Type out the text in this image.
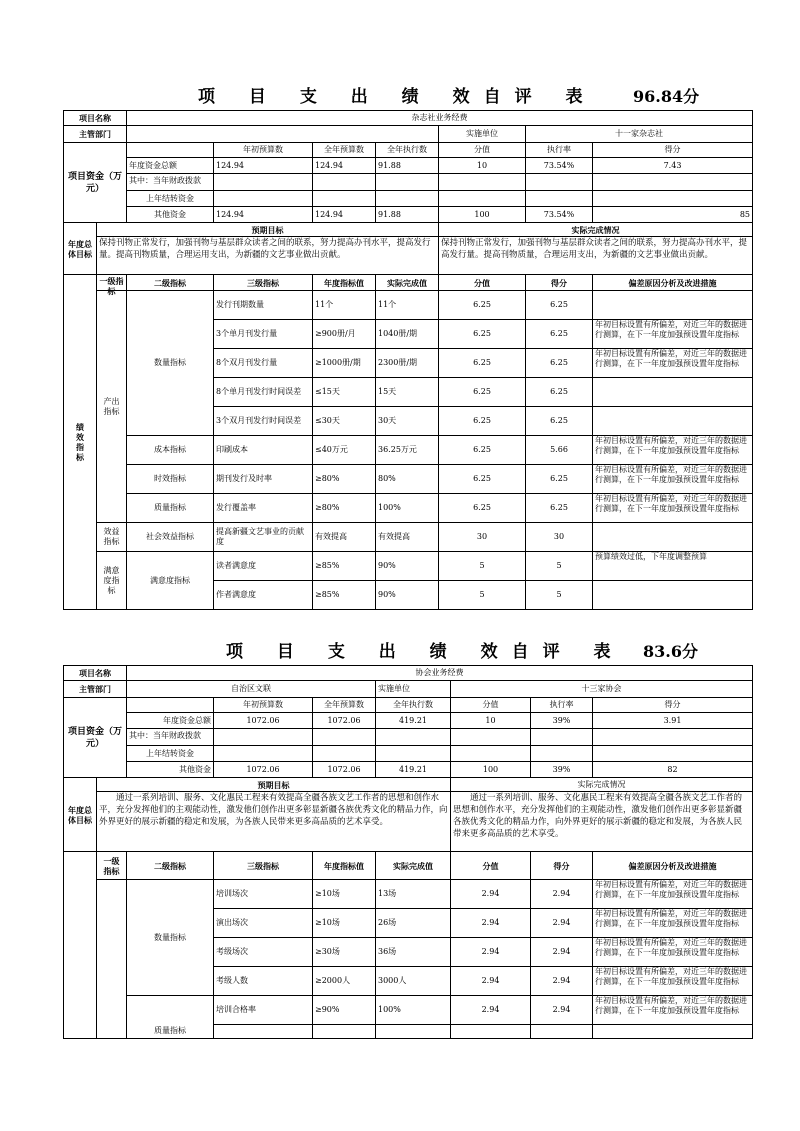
项 目 支 出 绩 效自评 表 96.84分
项目名称		杂志社业务经费						
主管部门						实施单位	十一家杂志社	
项目资金（万元）			年初预算数	全年预算数	全年执行数	分值	执行率	得分
		年度资金总额	124.94	124.94	91.88	10	73.54%	7.43

		其中：当年财政拨款						

		上年结转资金						
		其他资金	124.94	124.94	91.88	100	73.54%	85
年度总体目标	预期目标					实际完成情况		
	保持刊物正常发行，加强刊物与基层群众读者之间的联系，努力提高办刊水平，提高发行量。提高刊物质量，合理运用支出，为新疆的文艺事业做出贡献。					保持刊物正常发行，加强刊物与基层群众读者之间的联系，努力提高办刊水平，提高发行量。提高刊物质量，合理运用支出，为新疆的文艺事业做出贡献。		

绩效指标	一级指标	二级指标	三级指标	年度指标值	实际完成值	分值	得分	偏差原因分析及改进措施

	产出指标	数量指标	发行刊期数量	11个	11个	6.25	6.25	

			3个单月刊发行量	≥900册/月	1040册/期	6.25	6.25	年初目标设置有所偏差，对近三年的数据进行测算，在下一年度加强预设置年度指标

			8个双月刊发行量	≥1000册/期	2300册/期	6.25	6.25	年初目标设置有所偏差，对近三年的数据进行测算，在下一年度加强预设置年度指标

			8个单月刊发行时间误差	≤15天	15天	6.25	6.25	

			3个双月刊发行时间误差	≤30天	30天	6.25	6.25	

		成本指标	印刷成本	≤40万元	36.25万元	6.25	5.66	年初目标设置有所偏差，对近三年的数据进行测算，在下一年度加强预设置年度指标

		时效指标	期刊发行及时率	≥80%	80%	6.25	6.25	年初目标设置有所偏差，对近三年的数据进行测算，在下一年度加强预设置年度指标

		质量指标	发行覆盖率	≥80%	100%	6.25	6.25	年初目标设置有所偏差，对近三年的数据进行测算，在下一年度加强预设置年度指标

	效益指标	社会效益指标	提高新疆文艺事业的贡献度	有效提高	有效提高	30	30	

	满意度指标	满意度指标	读者满意度	≥85%	90%	5	5	预算绩效过低，下年度调整预算

			作者满意度	≥85%	90%	5	5	
项 目 支 出 绩 效自评 表 83.6分
项目名称		协会业务经费						
主管部门		自治区文联			实施单位	十三家协会		
项目资金（万元）			年初预算数	全年预算数	全年执行数	分值	执行率	得分
		年度资金总额	1072.06	1072.06	419.21	10	39%	3.91

		其中：当年财政拨款						

		上年结转资金						
		其他资金	1072.06	1072.06	419.21	100	39%	82
年度总体目标	预期目标					实际完成情况		
	通过一系列培训、服务、文化惠民工程来有效提高全疆各族文艺工作者的思想和创作水平，充分发挥他们的主观能动性，激发他们创作出更多彰显新疆各族优秀文化的精品力作，向外界更好的展示新疆的稳定和发展，为各族人民带来更多高品质的艺术享受。					通过一系列培训、服务、文化惠民工程来有效提高全疆各族文艺工作者的思想和创作水平，充分发挥他们的主观能动性，激发他们创作出更多彰显新疆各族优秀文化的精品力作，向外界更好的展示新疆的稳定和发展，为各族人民带来更多高品质的艺术享受。		

	一级指标	二级指标	三级指标	年度指标值	实际完成值	分值	得分	偏差原因分析及改进措施
		数量指标	培训场次	≥10场	13场	2.94	2.94	年初目标设置有所偏差，对近三年的数据进行测算，在下一年度加强预设置年度指标

			演出场次	≥10场	26场	2.94	2.94	年初目标设置有所偏差，对近三年的数据进行测算，在下一年度加强预设置年度指标

			考级场次	≥30场	36场	2.94	2.94	年初目标设置有所偏差，对近三年的数据进行测算，在下一年度加强预设置年度指标

			考级人数	≥2000人	3000人	2.94	2.94	年初目标设置有所偏差，对近三年的数据进行测算，在下一年度加强预设置年度指标

		质量指标	培训合格率	≥90%	100%	2.94	2.94	年初目标设置有所偏差，对近三年的数据进行测算，在下一年度加强预设置年度指标
